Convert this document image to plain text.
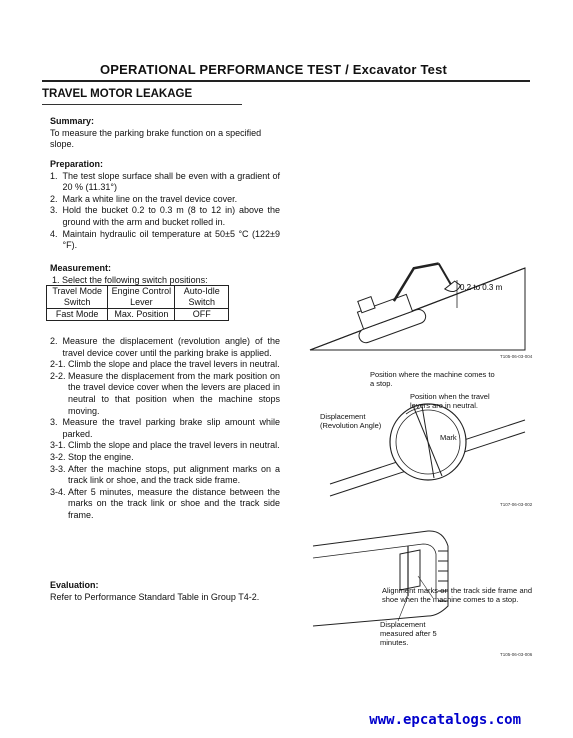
OPERATIONAL PERFORMANCE TEST / Excavator Test
TRAVEL MOTOR LEAKAGE
Summary:

To measure the parking brake function on a specified slope.

Preparation:
1.
The test slope surface shall be even with a gradient of 20 % (11.31°)
2.
Mark a white line on the travel device cover.
3.
Hold the bucket 0.2 to 0.3 m (8 to 12 in) above the ground with the arm and bucket rolled in.
4.
Maintain hydraulic oil temperature at 50±5 °C (122±9 °F).
Measurement:
1. Select the following switch positions:
Travel Mode Switch	Engine Control Lever	Auto-Idle Switch
Fast Mode	Max. Position	OFF
2.
Measure the displacement (revolution angle) of the travel device cover until the parking brake is applied.
2-1.
Climb the slope and place the travel levers in neutral.
2-2.
Measure the displacement from the mark position on the travel device cover when the levers are placed in neutral to that position when the machine stops moving.
3.
Measure the travel parking brake slip amount while parked.
3-1.
Climb the slope and place the travel levers in neutral.
3-2.
Stop the engine.
3-3.
After the machine stops, put alignment marks on a track link or shoe, and the track side frame.
3-4.
After 5 minutes, measure the distance between the marks on the track link or shoe and the track side frame.
Evaluation:

Refer to Performance Standard Table in Group T4-2.

0.2 to 0.3 m
T105-06-03-004
Position where the machine comes to a stop.
Position when the travel levers are in neutral.
Displacement (Revolution Angle)
Mark
T107-06-03-002
Alignment marks on the track side frame and shoe when the machine comes to a stop.
Displacement measured after 5 minutes.
T105-06-03-006
www.epcatalogs.com
